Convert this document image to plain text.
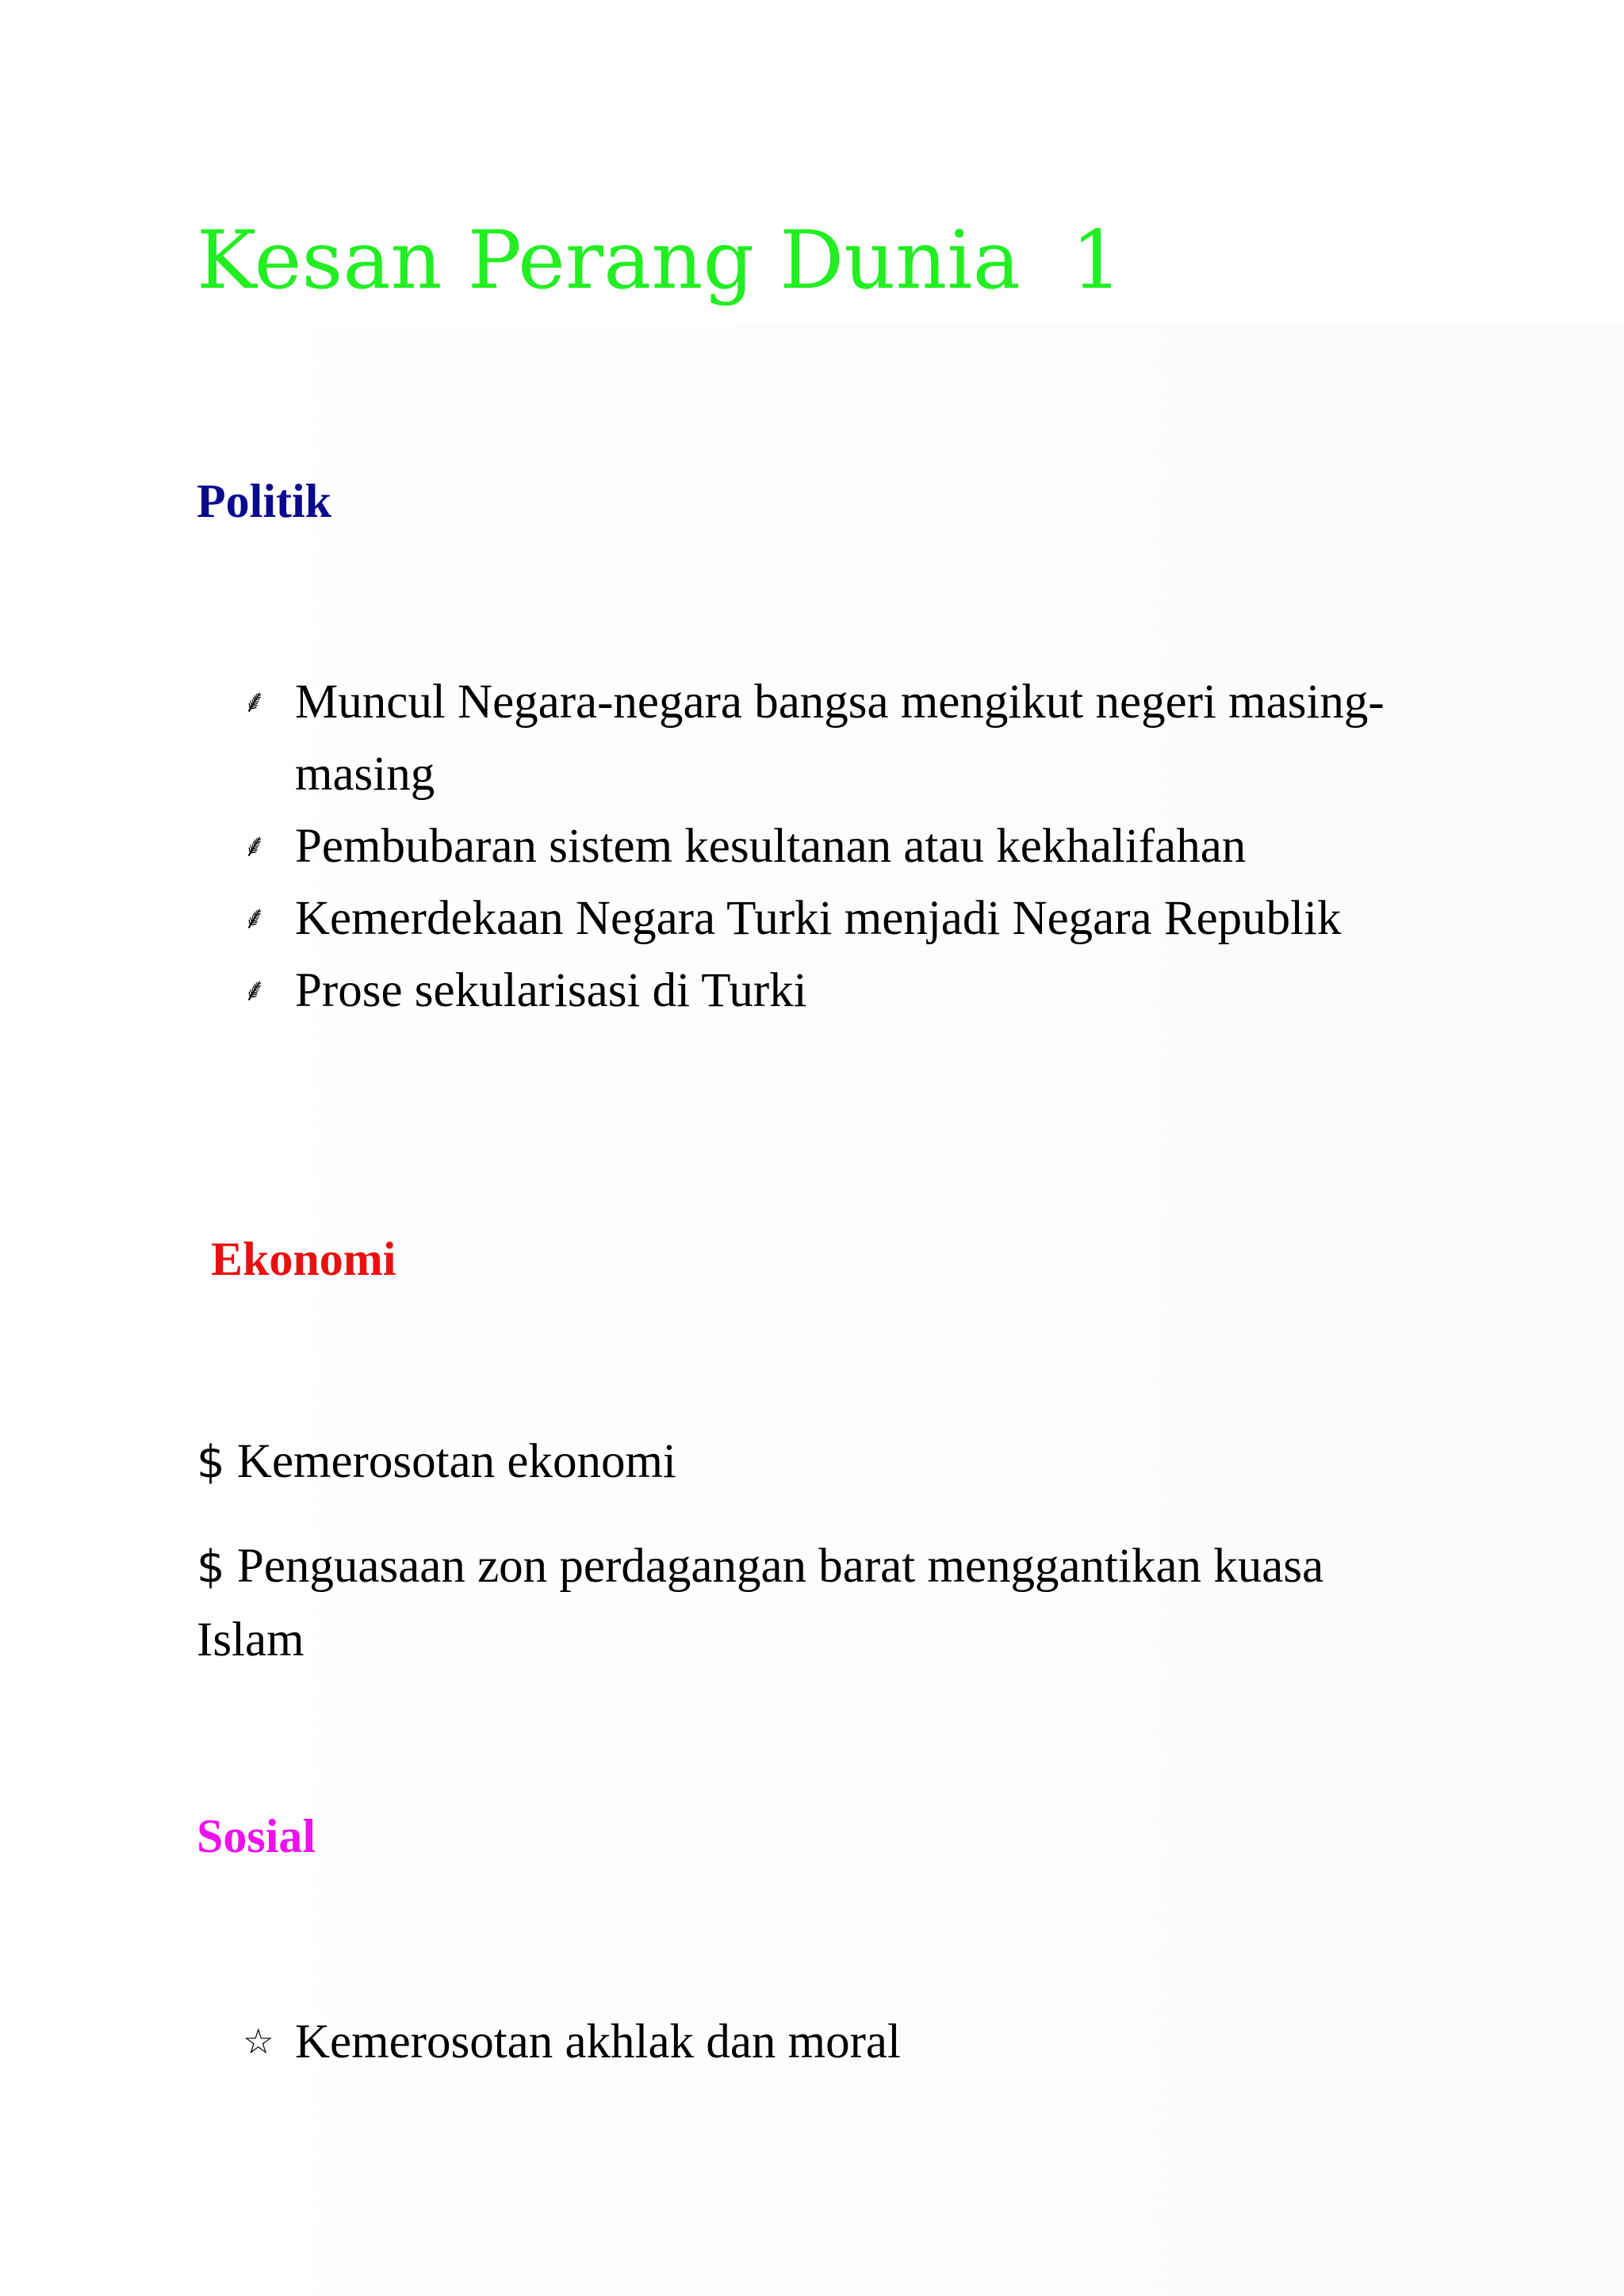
Kesan Perang Dunia  1
Politik
⸙ Muncul Negara-negara bangsa mengikut negeri masing-masing
⸙ Pembubaran sistem kesultanan atau kekhalifahan
⸙ Kemerdekaan Negara Turki menjadi Negara Republik
⸙ Prose sekularisasi di Turki
Ekonomi

$ Kemerosotan ekonomi

$ Penguasaan zon perdagangan barat menggantikan kuasa Islam

Sosial
☆ Kemerosotan akhlak dan moral
